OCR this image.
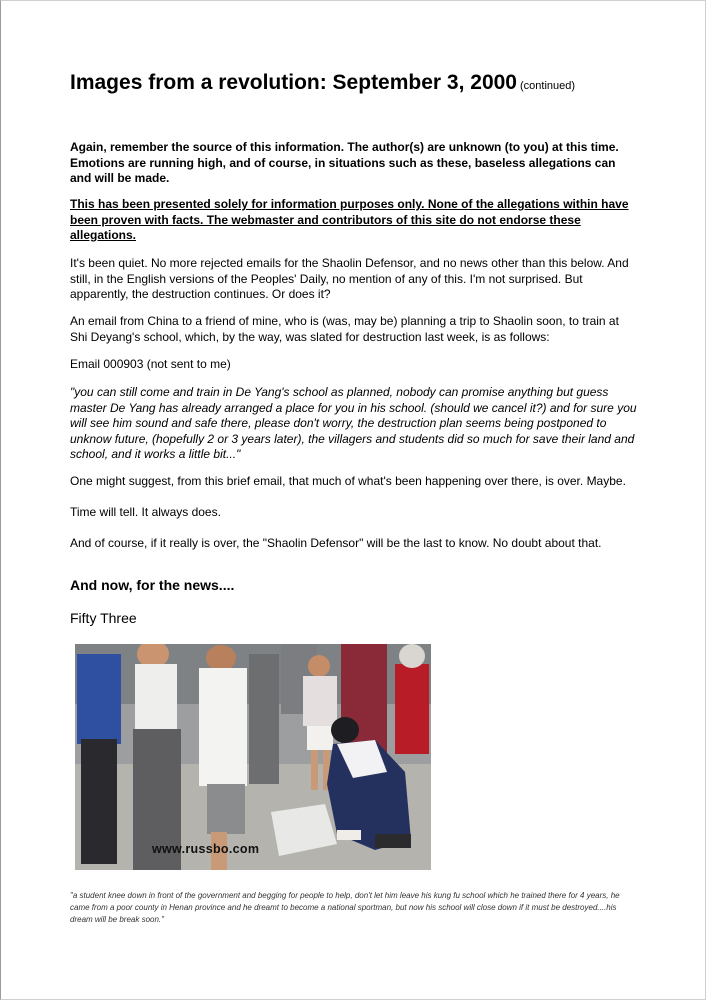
Images from a revolution: September 3, 2000 (continued)
Again, remember the source of this information. The author(s) are unknown (to you) at this time. Emotions are running high, and of course, in situations such as these, baseless allegations can and will be made.
This has been presented solely for information purposes only. None of the allegations within have been proven with facts. The webmaster and contributors of this site do not endorse these allegations.
It's been quiet. No more rejected emails for the Shaolin Defensor, and no news other than this below. And still, in the English versions of the Peoples' Daily, no mention of any of this. I'm not surprised. But apparently, the destruction continues. Or does it?
An email from China to a friend of mine, who is (was, may be) planning a trip to Shaolin soon, to train at Shi Deyang's school, which, by the way, was slated for destruction last week, is as follows:
Email 000903 (not sent to me)
"you can still come and train in De Yang's school as planned, nobody can promise anything but guess master De Yang has already arranged a place for you in his school. (should we cancel it?) and for sure you will see him sound and safe there, please don't worry, the destruction plan seems being postponed to unknow future, (hopefully 2 or 3 years later), the villagers and students did so much for save their land and school, and it works a little bit..."
One might suggest, from this brief email, that much of what's been happening over there, is over. Maybe.
Time will tell. It always does.
And of course, if it really is over, the "Shaolin Defensor" will be the last to know. No doubt about that.
And now, for the news....
Fifty Three
www.russbo.com
"a student knee down in front of the government and begging for people to help, don't let him leave his kung fu school which he trained there for 4 years, he came from a poor county in Henan province and he dreamt to become a national sportman, but now his school will close down if it must be destroyed....his dream will be break soon."
